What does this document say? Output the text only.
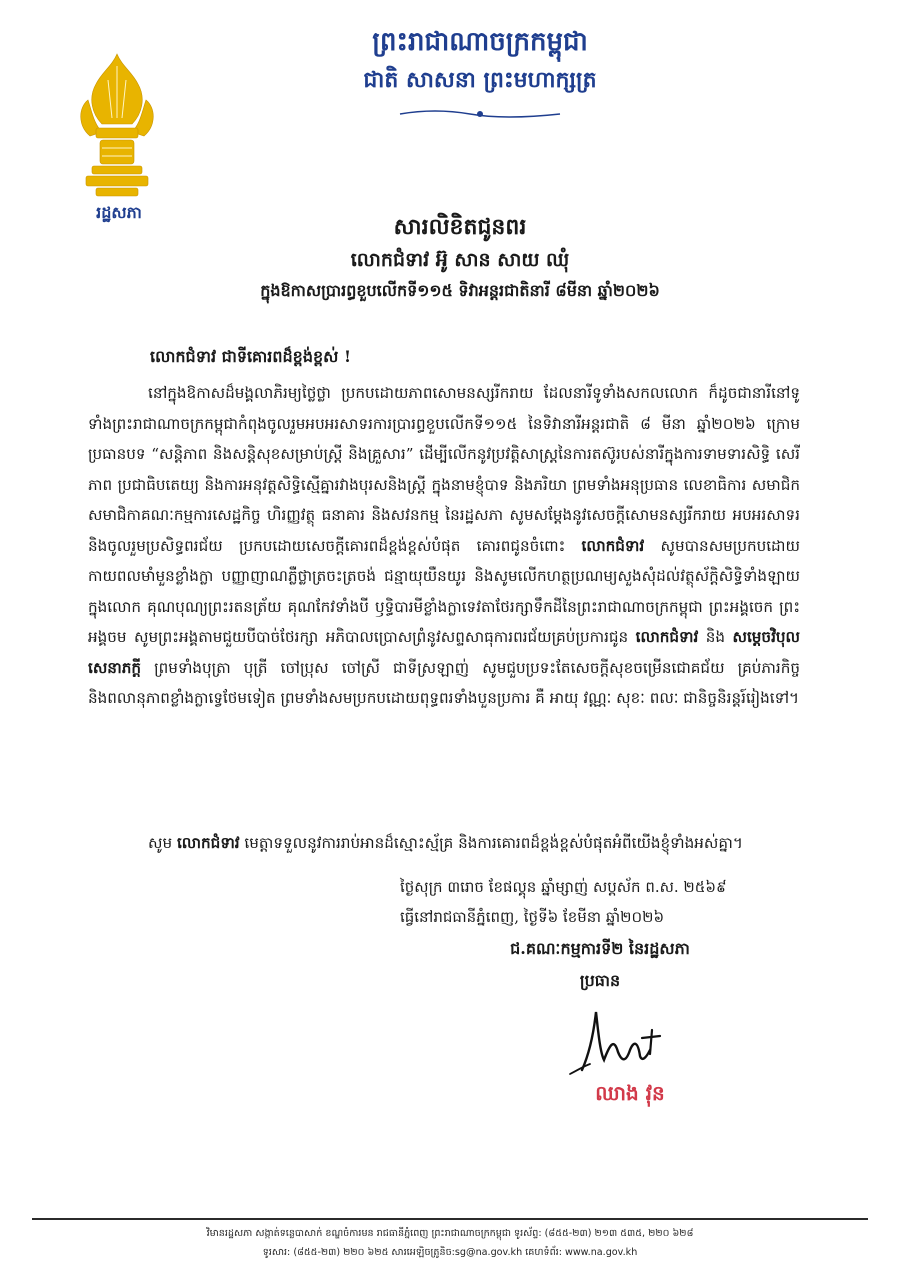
ព្រះរាជាណាចក្រកម្ពុជា
ជាតិ សាសនា ព្រះមហាក្សត្រ
រដ្ឋសភា
សារលិខិតជូនពរ
លោកជំទាវ អ៊ូ សាន សាយ ឈុំ
ក្នុងឱកាសប្រារព្ធខួបលើកទី១១៥ ទិវាអន្តរជាតិនារី ៨មីនា ឆ្នាំ២០២៦
លោកជំទាវ ជាទីគោរពដ៏ខ្ពង់ខ្ពស់ !

នៅក្នុងឱកាសដ៏មង្គលាភិរម្យថ្លៃថ្លា ប្រកបដោយភាពសោមនស្សរីករាយ ដែលនារីទូទាំងសកលលោក ក៏ដូចជានារីនៅទូទាំងព្រះរាជាណាចក្រកម្ពុជាកំពុងចូលរួមអបអរសាទរការប្រារព្ធខួបលើកទី១១៥ នៃទិវានារីអន្តរជាតិ ៨ មីនា ឆ្នាំ២០២៦ ក្រោមប្រធានបទ “សន្តិភាព និងសន្តិសុខសម្រាប់ស្ត្រី និងគ្រួសារ” ដើម្បីលើកនូវប្រវត្តិសាស្ត្រនៃការតស៊ូរបស់នារីក្នុងការទាមទារសិទ្ធិ សេរីភាព ប្រជាធិបតេយ្យ និងការអនុវត្តសិទ្ធិស្មើគ្នារវាងបុរសនិងស្ត្រី ក្នុងនាមខ្ញុំបាទ និងភរិយា ព្រមទាំងអនុប្រធាន លេខាធិការ សមាជិក សមាជិកាគណៈកម្មការសេដ្ឋកិច្ច ហិរញ្ញវត្ថុ ធនាគារ និងសវនកម្ម នៃរដ្ឋសភា សូមសម្តែងនូវសេចក្តីសោមនស្សរីករាយ អបអរសាទរ និងចូលរួមប្រសិទ្ធពរជ័យ ប្រកបដោយសេចក្តីគោរពដ៏ខ្ពង់ខ្ពស់បំផុត គោរពជូនចំពោះ លោកជំទាវ សូមបានសមប្រកបដោយកាយពលមាំមួនខ្លាំងក្លា បញ្ញាញាណភ្លឺថ្លាត្រចះត្រចង់ ជន្មាយុយឺនយូរ និងសូមលើកហត្ថប្រណម្យសួងសុំដល់វត្ថុស័ក្តិសិទ្ធិទាំងឡាយក្នុងលោក គុណបុណ្យព្រះរតនត្រ័យ គុណកែវទាំងបី ឫទ្ធិបារមីខ្លាំងក្លាទេវតាថែរក្សាទឹកដីនៃព្រះរាជាណាចក្រកម្ពុជា ព្រះអង្គចេក ព្រះអង្គចម សូមព្រះអង្គតាមជួយបីបាច់ថែរក្សា អភិបាលប្រោសព្រំនូវសព្ទសាធុការពរជ័យគ្រប់ប្រការជូន លោកជំទាវ និង សម្តេចវិបុលសេនាភក្តី ព្រមទាំងបុត្រា បុត្រី ចៅប្រុស ចៅស្រី ជាទីស្រឡាញ់ សូមជួបប្រទះតែសេចក្តីសុខចម្រើនជោគជ័យ គ្រប់ភារកិច្ច និងពលានុភាពខ្លាំងក្លាទ្វេថែមទៀត ព្រមទាំងសមប្រកបដោយពុទ្ធពរទាំងបួនប្រការ គឺ អាយុ វណ្ណៈ សុខៈ ពលៈ ជានិច្ចនិរន្តរ៍រៀងទៅ។

សូម លោកជំទាវ មេត្តាទទួលនូវការរាប់អានដ៏ស្មោះស្ម័គ្រ និងការគោរពដ៏ខ្ពង់ខ្ពស់បំផុតអំពីយើងខ្ញុំទាំងអស់គ្នា។
ថ្ងៃសុក្រ ៣រោច ខែផល្គុន ឆ្នាំម្សាញ់ សប្តស័ក ព.ស. ២៥៦៩
ធ្វើនៅរាជធានីភ្នំពេញ, ថ្ងៃទី៦ ខែមីនា ឆ្នាំ២០២៦
ជ.គណៈកម្មការទី២ នៃរដ្ឋសភា
ប្រធាន
ឈាង វុន
វិមានរដ្ឋសភា សង្កាត់ទន្លេបាសាក់ ខណ្ឌចំការមន រាជធានីភ្នំពេញ ព្រះរាជាណាចក្រកម្ពុជា ទូរស័ព្ទ: (៨៥៥-២៣) ២១៣ ៥៣៥, ២២០ ៦២៨
ទូរសារ: (៨៥៥-២៣) ២២០ ៦២៥ សារអេឡិចត្រូនិច:sg@na.gov.kh គេហទំព័រ: www.na.gov.kh
